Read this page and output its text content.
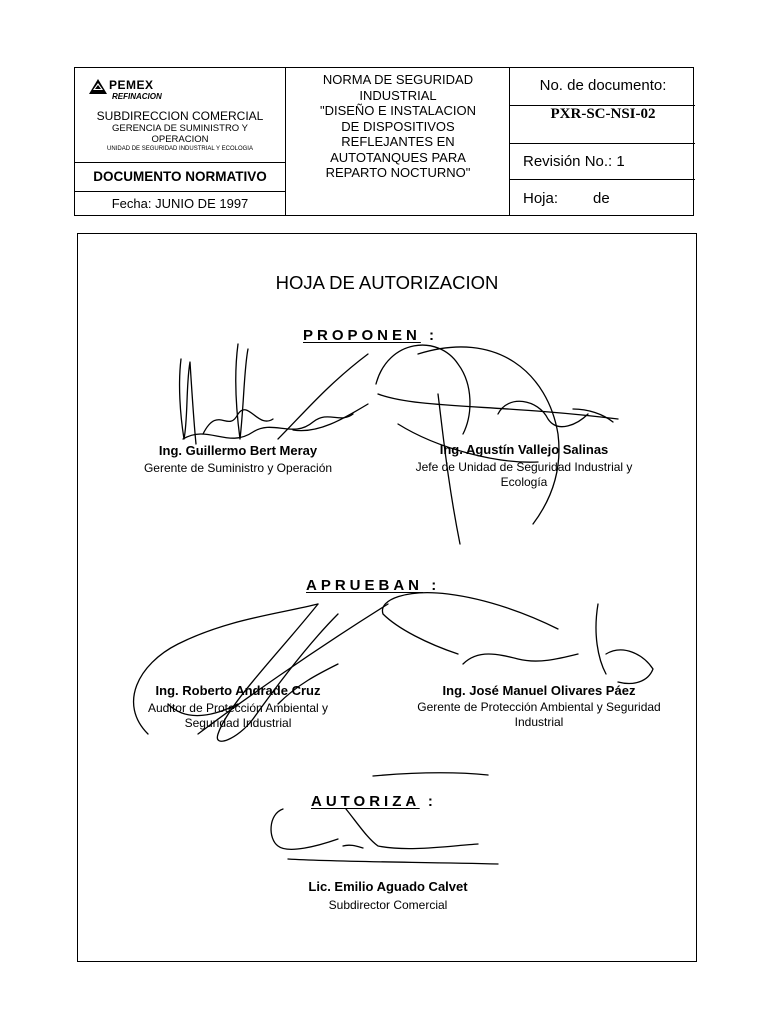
PEMEX
REFINACION
SUBDIRECCION COMERCIAL
GERENCIA DE SUMINISTRO Y
OPERACION
UNIDAD DE SEGURIDAD INDUSTRIAL Y ECOLOGIA
DOCUMENTO NORMATIVO
Fecha: JUNIO DE 1997
NORMA DE SEGURIDAD
INDUSTRIAL
"DISEÑO E INSTALACION
DE DISPOSITIVOS
REFLEJANTES EN
AUTOTANQUES PARA
REPARTO NOCTURNO"
No. de documento:
PXR-SC-NSI-02
Revisión No.: 1
Hoja: de
HOJA DE AUTORIZACION
PROPONEN :
Ing. Guillermo Bert Meray
Gerente de Suministro y Operación
Ing. Agustín Vallejo Salinas
Jefe de Unidad de Seguridad Industrial y
Ecología
APRUEBAN :
Ing. Roberto Andrade Cruz
Auditor de Protección Ambiental y
Seguridad Industrial
Ing. José Manuel Olivares Páez
Gerente de Protección Ambiental y Seguridad
Industrial
AUTORIZA :
Lic. Emilio Aguado Calvet
Subdirector Comercial
